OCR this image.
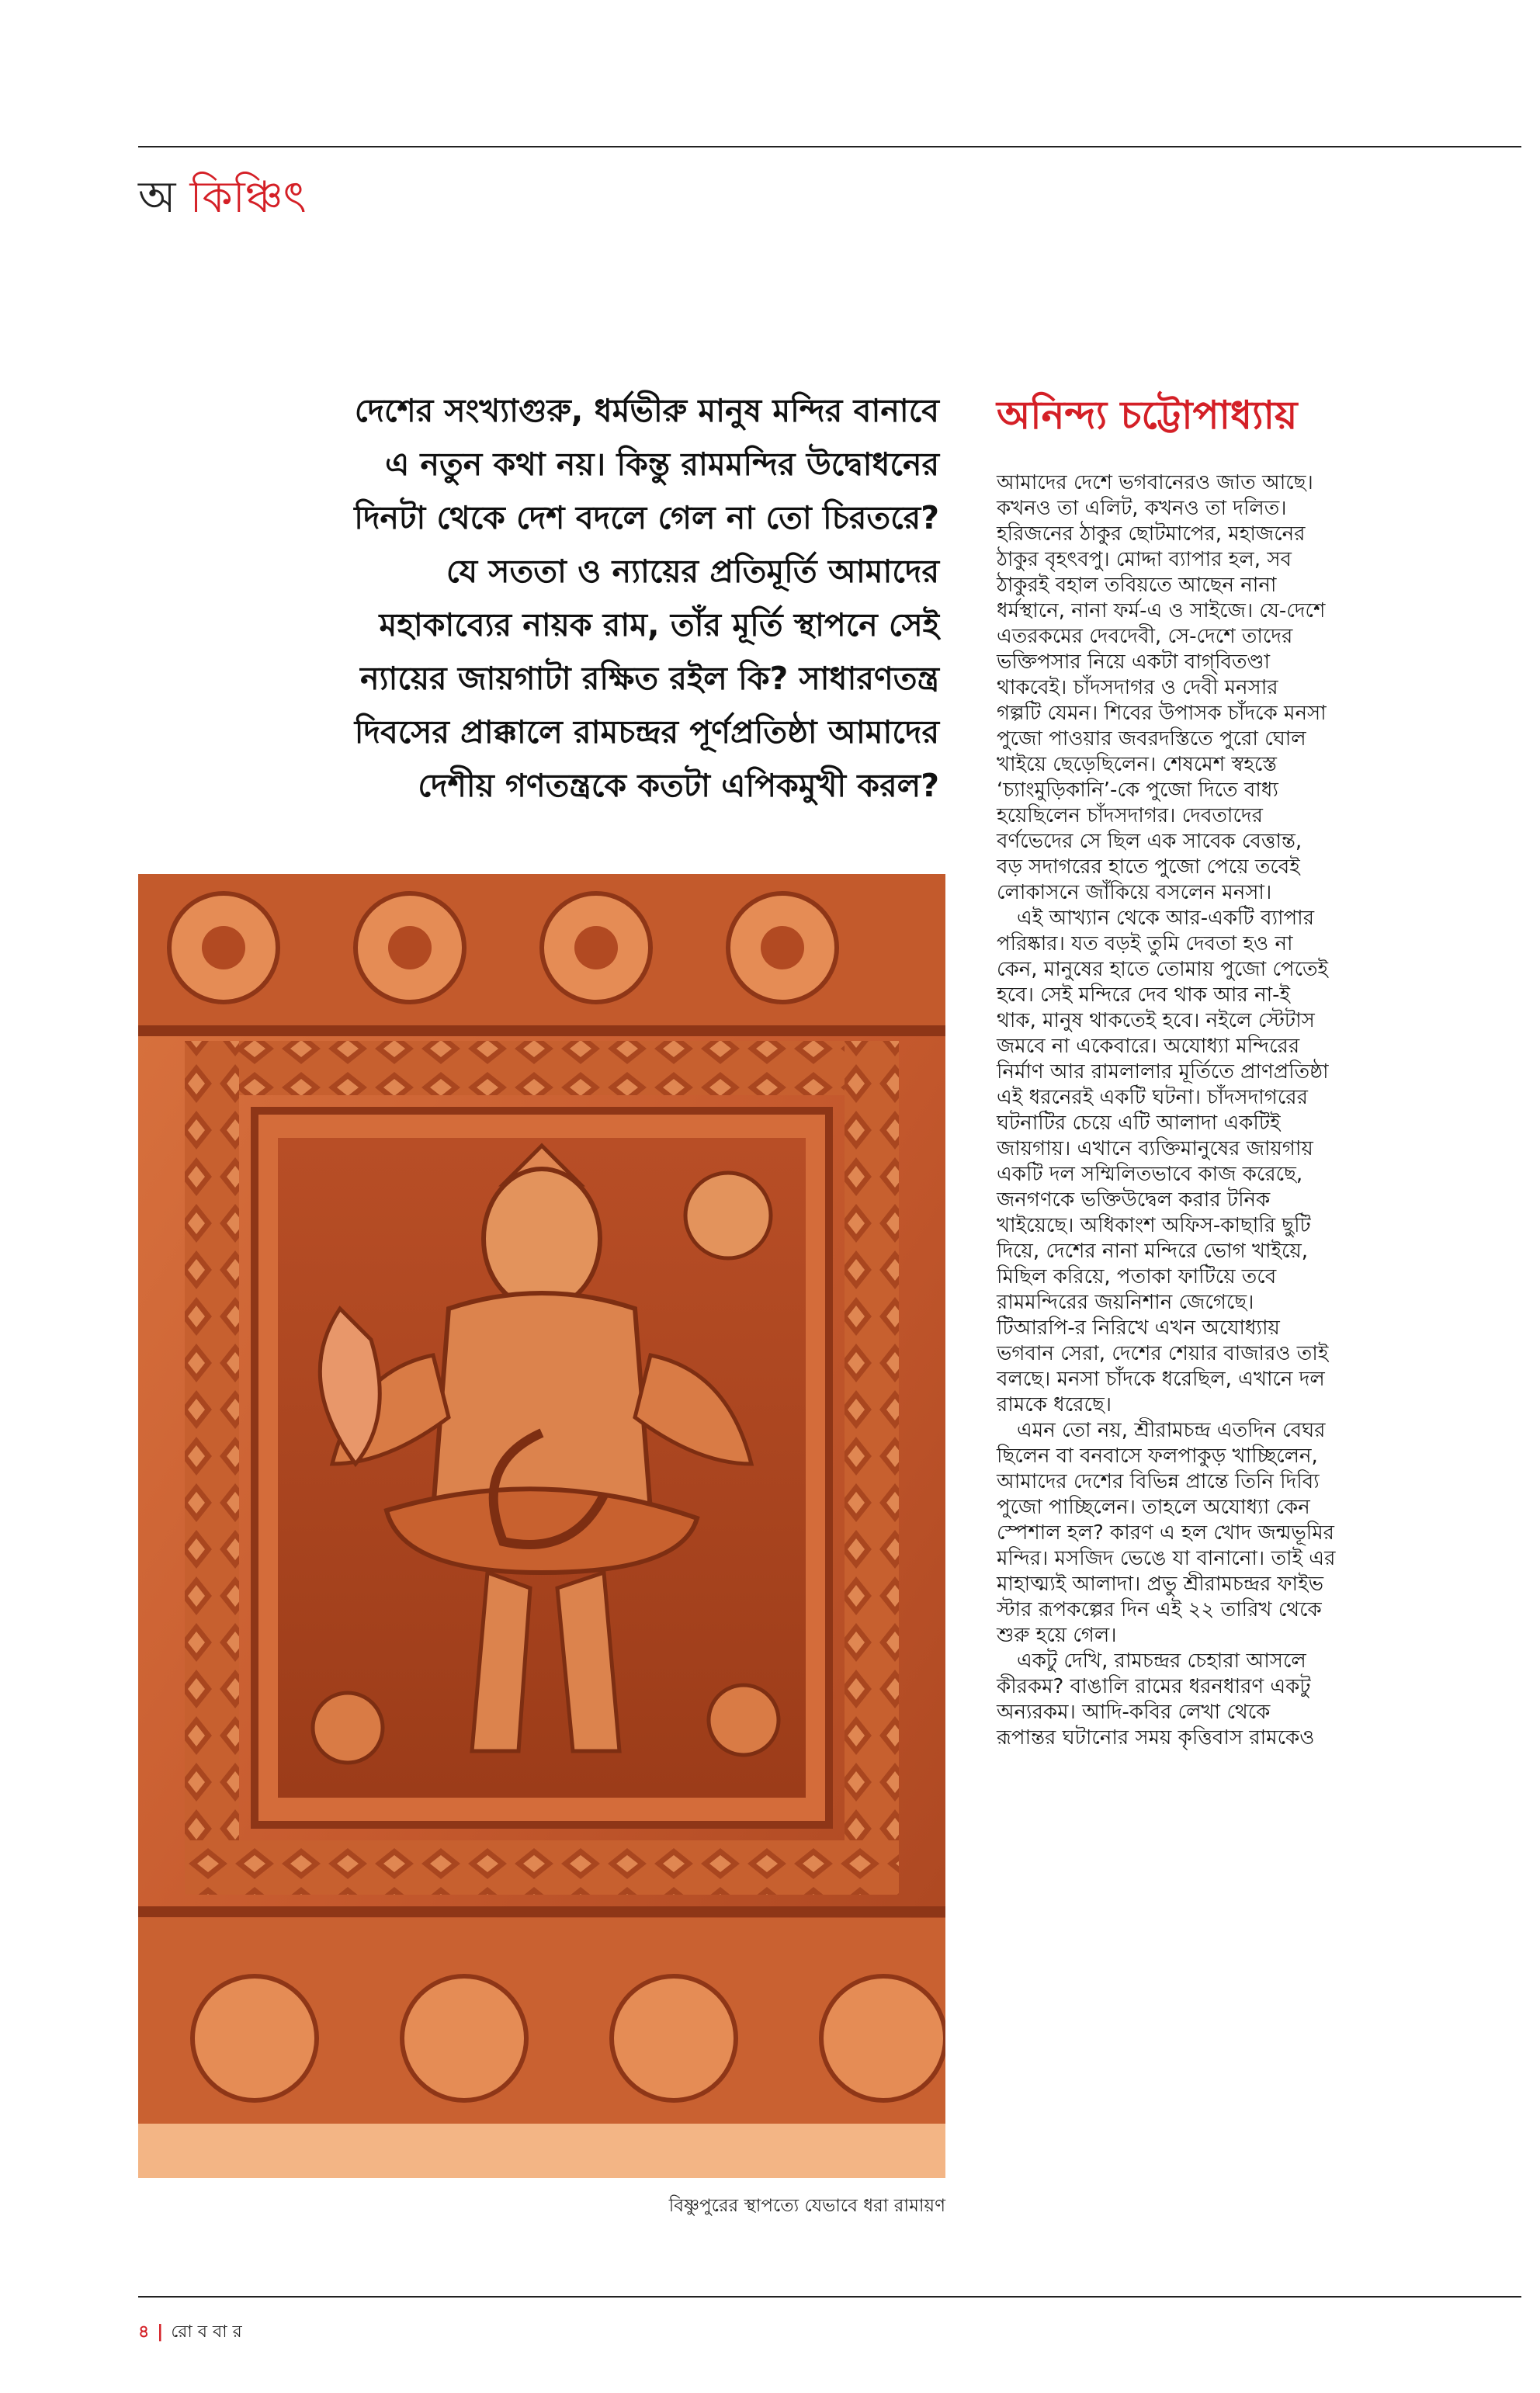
অ কিঞ্চিৎ
দেশের সংখ্যাগুরু, ধর্মভীরু মানুষ মন্দির বানাবে
এ নতুন কথা নয়। কিন্তু রামমন্দির উদ্বোধনের
দিনটা থেকে দেশ বদলে গেল না তো চিরতরে?
যে সততা ও ন্যায়ের প্রতিমূর্তি আমাদের
মহাকাব্যের নায়ক রাম, তাঁর মূর্তি স্থাপনে সেই
ন্যায়ের জায়গাটা রক্ষিত রইল কি? সাধারণতন্ত্র
দিবসের প্রাক্কালে রামচন্দ্রর পূর্ণপ্রতিষ্ঠা আমাদের
দেশীয় গণতন্ত্রকে কতটা এপিকমুখী করল?
বিষ্ণুপুরের স্থাপত্যে যেভাবে ধরা রামায়ণ
অনিন্দ্য চট্টোপাধ্যায়

আমাদের দেশে ভগবানেরও জাত আছে।
কখনও তা এলিট, কখনও তা দলিত।
হরিজনের ঠাকুর ছোটমাপের, মহাজনের
ঠাকুর বৃহৎবপু। মোদ্দা ব্যাপার হল, সব
ঠাকুরই বহাল তবিয়তে আছেন নানা
ধর্মস্থানে, নানা ফর্ম-এ ও সাইজে। যে-দেশে
এতরকমের দেবদেবী, সে-দেশে তাদের
ভক্তিপসার নিয়ে একটা বাগ্‌বিতণ্ডা
থাকবেই। চাঁদসদাগর ও দেবী মনসার
গল্পটি যেমন। শিবের উপাসক চাঁদকে মনসা
পুজো পাওয়ার জবরদস্তিতে পুরো ঘোল
খাইয়ে ছেড়েছিলেন। শেষমেশ স্বহস্তে
‘চ্যাংমুড়িকানি’-কে পুজো দিতে বাধ্য
হয়েছিলেন চাঁদসদাগর। দেবতাদের
বর্ণভেদের সে ছিল এক সাবেক বেত্তান্ত,
বড় সদাগরের হাতে পুজো পেয়ে তবেই
লোকাসনে জাঁকিয়ে বসলেন মনসা।

এই আখ্যান থেকে আর-একটি ব্যাপার
পরিষ্কার। যত বড়ই তুমি দেবতা হও না
কেন, মানুষের হাতে তোমায় পুজো পেতেই
হবে। সেই মন্দিরে দেব থাক আর না-ই
থাক, মানুষ থাকতেই হবে। নইলে স্টেটাস
জমবে না একেবারে। অযোধ্যা মন্দিরের
নির্মাণ আর রামলালার মূর্তিতে প্রাণপ্রতিষ্ঠা
এই ধরনেরই একটি ঘটনা। চাঁদসদাগরের
ঘটনাটির চেয়ে এটি আলাদা একটিই
জায়গায়। এখানে ব্যক্তিমানুষের জায়গায়
একটি দল সম্মিলিতভাবে কাজ করেছে,
জনগণকে ভক্তিউদ্বেল করার টনিক
খাইয়েছে। অধিকাংশ অফিস-কাছারি ছুটি
দিয়ে, দেশের নানা মন্দিরে ভোগ খাইয়ে,
মিছিল করিয়ে, পতাকা ফাটিয়ে তবে
রামমন্দিরের জয়নিশান জেগেছে।
টিআরপি-র নিরিখে এখন অযোধ্যায়
ভগবান সেরা, দেশের শেয়ার বাজারও তাই
বলছে। মনসা চাঁদকে ধরেছিল, এখানে দল
রামকে ধরেছে।

এমন তো নয়, শ্রীরামচন্দ্র এতদিন বেঘর
ছিলেন বা বনবাসে ফলপাকুড় খাচ্ছিলেন,
আমাদের দেশের বিভিন্ন প্রান্তে তিনি দিব্যি
পুজো পাচ্ছিলেন। তাহলে অযোধ্যা কেন
স্পেশাল হল? কারণ এ হল খোদ জন্মভূমির
মন্দির। মসজিদ ভেঙে যা বানানো। তাই এর
মাহাত্ম্যই আলাদা। প্রভু শ্রীরামচন্দ্রর ফাইভ
স্টার রূপকল্পের দিন এই ২২ তারিখ থেকে
শুরু হয়ে গেল।

একটু দেখি, রামচন্দ্রর চেহারা আসলে
কীরকম? বাঙালি রামের ধরনধারণ একটু
অন্যরকম। আদি-কবির লেখা থেকে
রূপান্তর ঘটানোর সময় কৃত্তিবাস রামকেও

৪ | রো ব বা র
